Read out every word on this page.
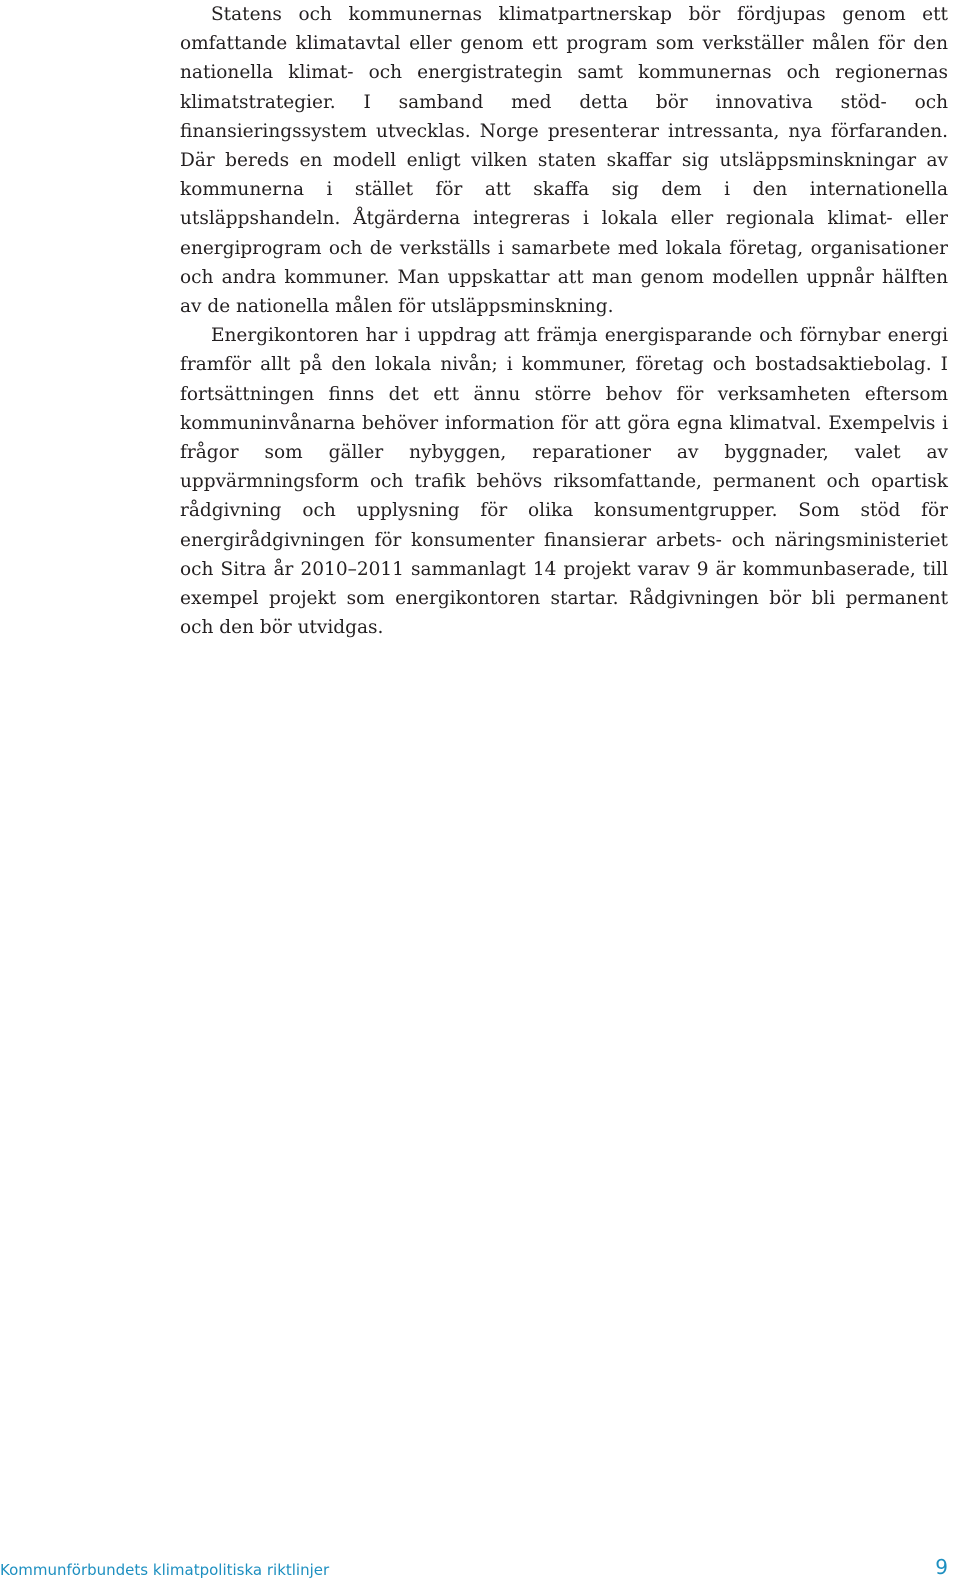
Statens och kommunernas klimatpartnerskap bör fördjupas genom ett omfattande klimatavtal eller genom ett program som verkställer målen för den nationella klimat- och energistrategin samt kommunernas och regionernas klimatstrategier. I samband med detta bör innovativa stöd- och finansieringssystem utvecklas. Norge presenterar intressanta, nya förfaranden. Där bereds en modell enligt vilken staten skaffar sig utsläppsminskningar av kommunerna i stället för att skaffa sig dem i den internationella utsläppshandeln. Åtgärderna integreras i lokala eller regionala klimat- eller energiprogram och de verkställs i samarbete med lokala företag, organisationer och andra kommuner. Man uppskattar att man genom modellen uppnår hälften av de nationella målen för utsläppsminskning.

Energikontoren har i uppdrag att främja energisparande och förnybar energi framför allt på den lokala nivån; i kommuner, företag och bostadsaktiebolag. I fortsättningen finns det ett ännu större behov för verksamheten eftersom kommuninvånarna behöver information för att göra egna klimatval. Exempelvis i frågor som gäller nybyggen, reparationer av byggnader, valet av uppvärmningsform och trafik behövs riksomfattande, permanent och opartisk rådgivning och upplysning för olika konsumentgrupper. Som stöd för energirådgivningen för konsumenter finansierar arbets- och näringsministeriet och Sitra år 2010–2011 sammanlagt 14 projekt varav 9 är kommunbaserade, till exempel projekt som energikontoren startar. Rådgivningen bör bli permanent och den bör utvidgas.

Kommunförbundets klimatpolitiska riktlinjer	9
